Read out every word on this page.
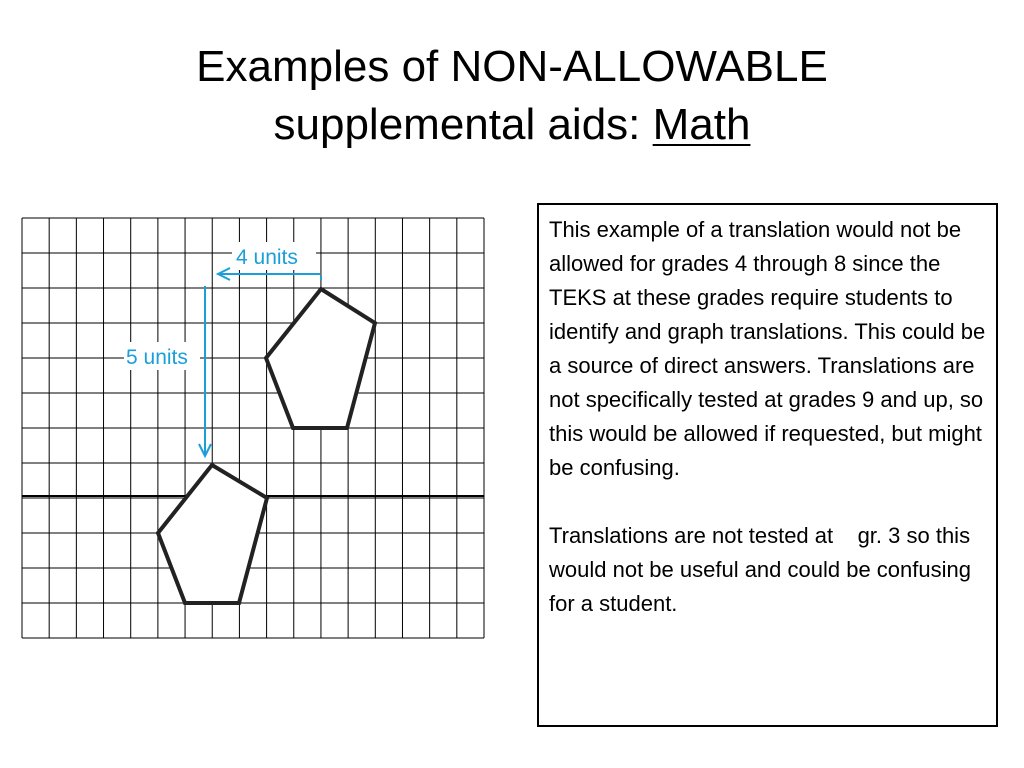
Examples of NON-ALLOWABLE
supplemental aids: Math
4 units
5 units

This example of a translation would not be allowed for grades 4 through 8 since the TEKS at these grades require students to identify and graph translations. This could be a source of direct answers. Translations are not specifically tested at grades 9 and up, so this would be allowed if requested, but might be confusing.

Translations are not tested at    gr. 3 so this would not be useful and could be confusing for a student.
